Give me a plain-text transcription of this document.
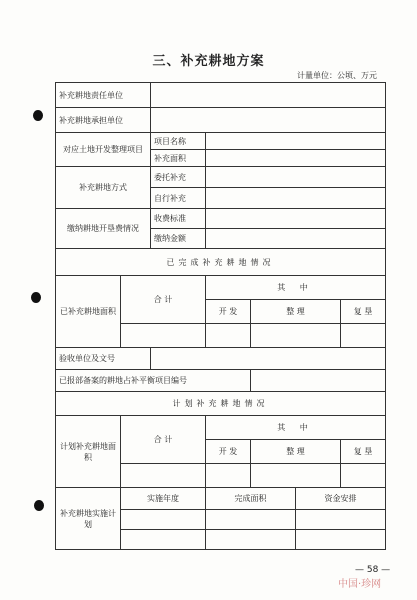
三、补充耕地方案
计量单位：公顷、万元
补充耕地责任单位						
补充耕地承担单位						
对应土地开发整理项目		项目名称				
		补充面积				
补充耕地方式		委托补充				
		自行补充				
缴纳耕地开垦费情况		收费标准				
		缴纳金额				
已完成补充耕地情况						
已补充耕地面积	合 计		其 中			
			开 发	整 理		复 垦

验收单位及文号						
已报部备案的耕地占补平衡项目编号						
计划补充耕地情况						
计划补充耕地面积	合 计		其 中			
			开 发	整 理		复 垦

补充耕地实施计划	实施年度		完成面积		资金安排	

— 58 —
中国·珍网
